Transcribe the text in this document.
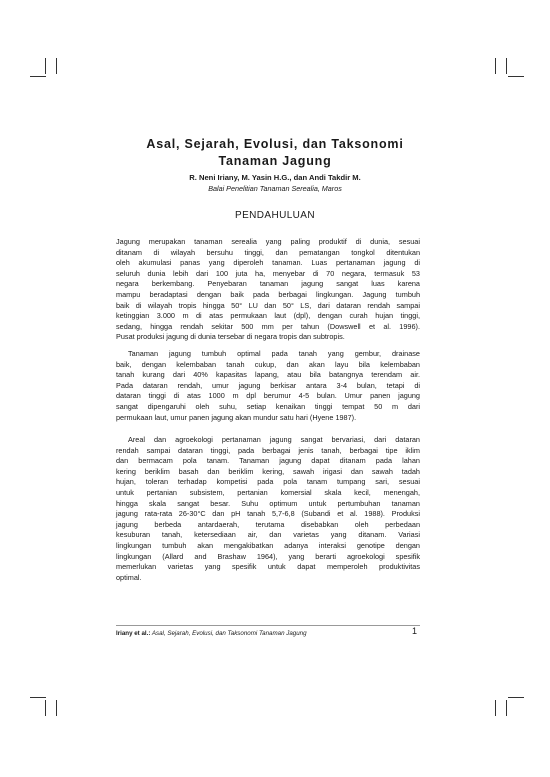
Asal, Sejarah, Evolusi, dan Taksonomi
Tanaman Jagung
R. Neni Iriany, M. Yasin H.G., dan Andi Takdir M.
Balai Penelitian Tanaman Serealia, Maros
PENDAHULUAN
Jagung merupakan tanaman serealia yang paling produktif di dunia, sesuai
ditanam di wilayah bersuhu tinggi, dan pematangan tongkol ditentukan
oleh akumulasi panas yang diperoleh tanaman. Luas pertanaman jagung di
seluruh dunia lebih dari 100 juta ha, menyebar di 70 negara, termasuk 53
negara berkembang. Penyebaran tanaman jagung sangat luas karena
mampu beradaptasi dengan baik pada berbagai lingkungan. Jagung tumbuh
baik di wilayah tropis hingga 50° LU dan 50° LS, dari dataran rendah sampai
ketinggian 3.000 m di atas permukaan laut (dpl), dengan curah hujan tinggi,
sedang, hingga rendah sekitar 500 mm per tahun (Dowswell et al. 1996).
Pusat produksi jagung di dunia tersebar di negara tropis dan subtropis.
Tanaman jagung tumbuh optimal pada tanah yang gembur, drainase
baik, dengan kelembaban tanah cukup, dan akan layu bila kelembaban
tanah kurang dari 40% kapasitas lapang, atau bila batangnya terendam air.
Pada dataran rendah, umur jagung berkisar antara 3-4 bulan, tetapi di
dataran tinggi di atas 1000 m dpl berumur 4-5 bulan. Umur panen jagung
sangat dipengaruhi oleh suhu, setiap kenaikan tinggi tempat 50 m dari
permukaan laut, umur panen jagung akan mundur satu hari (Hyene 1987).
Areal dan agroekologi pertanaman jagung sangat bervariasi, dari dataran
rendah sampai dataran tinggi, pada berbagai jenis tanah, berbagai tipe iklim
dan bermacam pola tanam. Tanaman jagung dapat ditanam pada lahan
kering beriklim basah dan beriklim kering, sawah irigasi dan sawah tadah
hujan, toleran terhadap kompetisi pada pola tanam tumpang sari, sesuai
untuk pertanian subsistem, pertanian komersial skala kecil, menengah,
hingga skala sangat besar. Suhu optimum untuk pertumbuhan tanaman
jagung rata-rata 26-30°C dan pH tanah 5,7-6,8 (Subandi et al. 1988). Produksi
jagung berbeda antardaerah, terutama disebabkan oleh perbedaan
kesuburan tanah, ketersediaan air, dan varietas yang ditanam. Variasi
lingkungan tumbuh akan mengakibatkan adanya interaksi genotipe dengan
lingkungan (Allard and Brashaw 1964), yang berarti agroekologi spesifik
memerlukan varietas yang spesifik untuk dapat memperoleh produktivitas
optimal.
Iriany et al.: Asal, Sejarah, Evolusi, dan Taksonomi Tanaman Jagung	1
